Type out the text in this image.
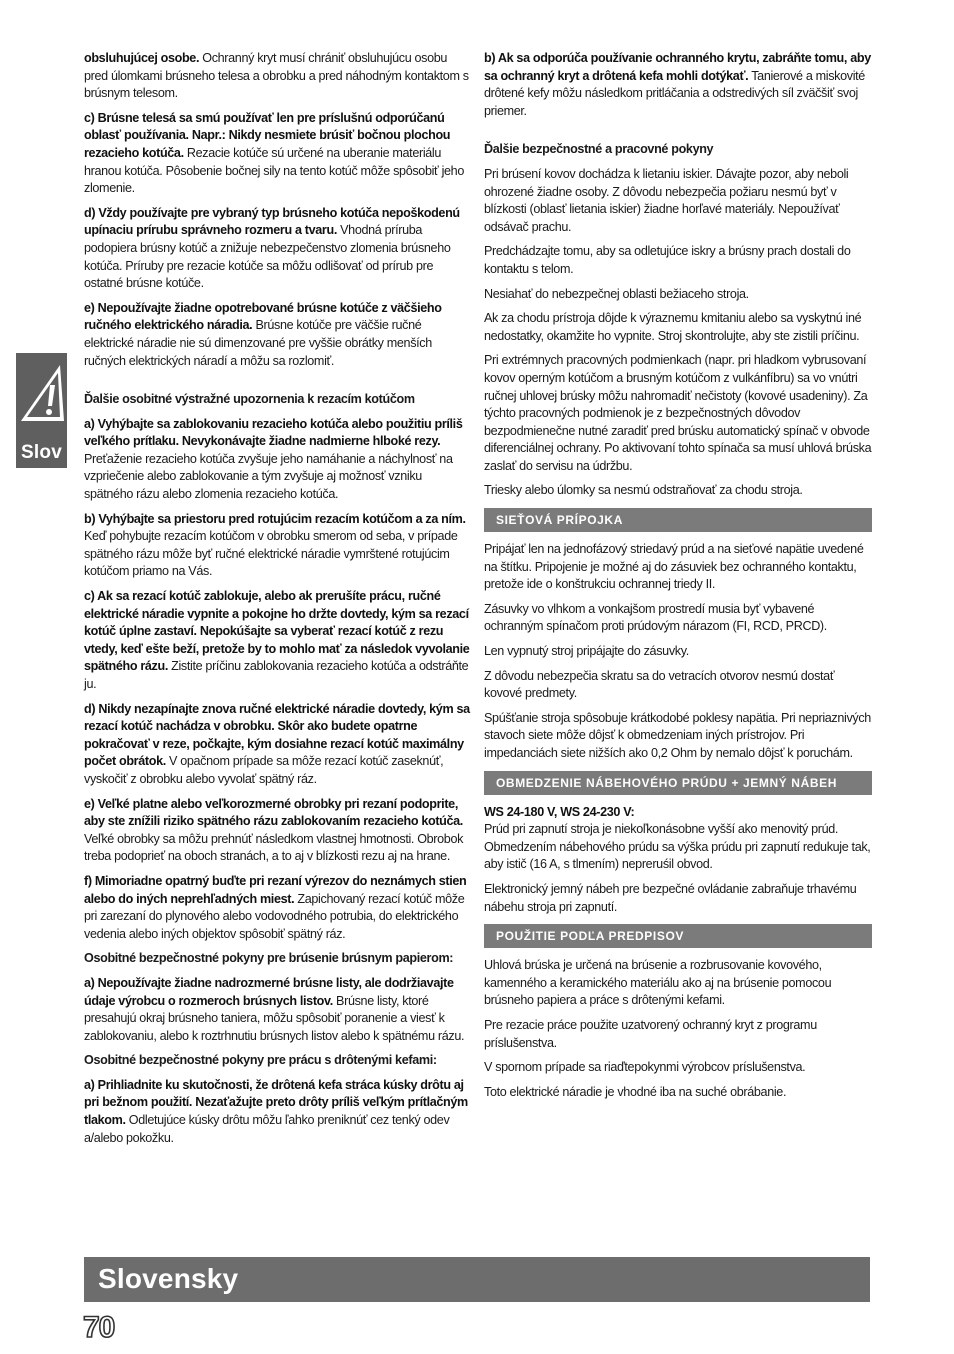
Slov

obsluhujúcej osobe. Ochranný kryt musí chrániť obsluhujúcu osobu pred úlomkami brúsneho telesa a obrobku a pred náhodným kontaktom s brúsnym telesom.

c) Brúsne telesá sa smú používať len pre príslušnú odporúčanú oblasť používania. Napr.: Nikdy nesmiete brúsiť bočnou plochou rezacieho kotúča. Rezacie kotúče sú určené na uberanie materiálu hranou kotúča. Pôsobenie bočnej sily na tento kotúč môže spôsobiť jeho zlomenie.

d) Vždy používajte pre vybraný typ brúsneho kotúča nepoškodenú upínaciu prírubu správneho rozmeru a tvaru. Vhodná príruba podopiera brúsny kotúč a znižuje nebezpečenstvo zlomenia brúsneho kotúča. Príruby pre rezacie kotúče sa môžu odlišovať od prírub pre ostatné brúsne kotúče.

e) Nepoužívajte žiadne opotrebované brúsne kotúče z väčšieho ručného elektrického náradia. Brúsne kotúče pre väčšie ručné elektrické náradie nie sú dimenzované pre vyššie obrátky menších ručných elektrických náradí a môžu sa rozlomiť.

Ďalšie osobitné výstražné upozornenia k rezacím kotúčom

a) Vyhýbajte sa zablokovaniu rezacieho kotúča alebo použitiu príliš veľkého prítlaku. Nevykonávajte žiadne nadmierne hlboké rezy. Preťaženie rezacieho kotúča zvyšuje jeho namáhanie a náchylnosť na vzpriečenie alebo zablokovanie a tým zvyšuje aj možnosť vzniku spätného rázu alebo zlomenia rezacieho kotúča.

b) Vyhýbajte sa priestoru pred rotujúcim rezacím kotúčom a za ním. Keď pohybujte rezacím kotúčom v obrobku smerom od seba, v prípade spätného rázu môže byť ručné elektrické náradie vymrštené rotujúcim kotúčom priamo na Vás.

c) Ak sa rezací kotúč zablokuje, alebo ak prerušíte prácu, ručné elektrické náradie vypnite a pokojne ho držte dovtedy, kým sa rezací kotúč úplne zastaví. Nepokúšajte sa vyberať rezací kotúč z rezu vtedy, keď ešte beží, pretože by to mohlo mať za následok vyvolanie spätného rázu. Zistite príčinu zablokovania rezacieho kotúča a odstráňte ju.

d) Nikdy nezapínajte znova ručné elektrické náradie dovtedy, kým sa rezací kotúč nachádza v obrobku. Skôr ako budete opatrne pokračovať v reze, počkajte, kým dosiahne rezací kotúč maximálny počet obrátok. V opačnom prípade sa môže rezací kotúč zaseknúť, vyskočiť z obrobku alebo vyvolať spätný ráz.

e) Veľké platne alebo veľkorozmerné obrobky pri rezaní podoprite, aby ste znížili riziko spätného rázu zablokovaním rezacieho kotúča. Veľké obrobky sa môžu prehnúť následkom vlastnej hmotnosti. Obrobok treba podoprieť na oboch stranách, a to aj v blízkosti rezu aj na hrane.

f) Mimoriadne opatrný buďte pri rezaní výrezov do neznámych stien alebo do iných neprehľadných miest. Zapichovaný rezací kotúč môže pri zarezaní do plynového alebo vodovodného potrubia, do elektrického vedenia alebo iných objektov spôsobiť spätný ráz.

Osobitné bezpečnostné pokyny pre brúsenie brúsnym papierom:

a) Nepoužívajte žiadne nadrozmerné brúsne listy, ale dodržiavajte údaje výrobcu o rozmeroch brúsnych listov. Brúsne listy, ktoré presahujú okraj brúsneho taniera, môžu spôsobiť poranenie a viesť k zablokovaniu, alebo k roztrhnutiu brúsnych listov alebo k spätnému rázu.

Osobitné bezpečnostné pokyny pre prácu s drôtenými kefami:

a) Prihliadnite ku skutočnosti, že drôtená kefa stráca kúsky drôtu aj pri bežnom použití. Nezaťažujte preto drôty príliš veľkým prítlačným tlakom. Odletujúce kúsky drôtu môžu ľahko preniknúť cez tenký odev a/alebo pokožku.

b) Ak sa odporúča používanie ochranného krytu, zabráňte tomu, aby sa ochranný kryt a drôtená kefa mohli dotýkať. Tanierové a miskovité drôtené kefy môžu následkom pritláčania a odstredivých síl zväčšiť svoj priemer.

Ďalšie bezpečnostné a pracovné pokyny

Pri brúsení kovov dochádza k lietaniu iskier. Dávajte pozor, aby neboli ohrozené žiadne osoby. Z dôvodu nebezpečia požiaru nesmú byť v blízkosti (oblasť lietania iskier) žiadne horľavé materiály. Nepoužívať odsávač prachu.

Predchádzajte tomu, aby sa odletujúce iskry a brúsny prach dostali do kontaktu s telom.

Nesiahať do nebezpečnej oblasti bežiaceho stroja.

Ak za chodu prístroja dôjde k výraznemu kmitaniu alebo sa vyskytnú iné nedostatky, okamžite ho vypnite. Stroj skontrolujte, aby ste zistili príčinu.

Pri extrémnych pracovných podmienkach (napr. pri hladkom vybrusovaní kovov operným kotúčom a brusným kotúčom z vulkánfíbru) sa vo vnútri ručnej uhlovej brúsky môžu nahromadiť nečistoty (kovové usadeniny). Za týchto pracovných podmienok je z bezpečnostných dôvodov bezpodmienečne nutné zaradiť pred brúsku automatický spínač v obvode diferenciálnej ochrany. Po aktivovaní tohto spínača sa musí uhlová brúska zaslať do servisu na údržbu.

Triesky alebo úlomky sa nesmú odstraňovať za chodu stroja.

SIEŤOVÁ PRÍPOJKA

Pripájať len na jednofázový striedavý prúd a na sieťové napätie uvedené na štítku. Pripojenie je možné aj do zásuviek bez ochranného kontaktu, pretože ide o konštrukciu ochrannej triedy II.

Zásuvky vo vlhkom a vonkajšom prostredí musia byť vybavené ochranným spínačom proti prúdovým nárazom (FI, RCD, PRCD).

Len vypnutý stroj pripájajte do zásuvky.

Z dôvodu nebezpečia skratu sa do vetracích otvorov nesmú dostať kovové predmety.

Spúšťanie stroja spôsobuje krátkodobé poklesy napätia. Pri nepriaznivých stavoch siete môže dôjsť k obmedzeniam iných prístrojov. Pri impedanciách siete nižších ako 0,2 Ohm by nemalo dôjsť k poruchám.

OBMEDZENIE NÁBEHOVÉHO PRÚDU + JEMNÝ NÁBEH

WS 24-180 V, WS 24-230 V:
Prúd pri zapnutí stroja je niekoľkonásobne vyšší ako menovitý prúd. Obmedzením nábehového prúdu sa výška prúdu pri zapnutí redukuje tak, aby istič (16 A, s tlmením) nepreruśil obvod.

Elektronický jemný nábeh pre bezpečné ovládanie zabraňuje trhavému nábehu stroja pri zapnutí.

POUŽITIE PODĽA PREDPISOV

Uhlová brúska je určená na brúsenie a rozbrusovanie kovového, kamenného a keramického materiálu ako aj na brúsenie pomocou brúsneho papiera a práce s drôtenými kefami.

Pre rezacie práce použite uzatvorený ochranný kryt z programu príslušenstva.

V spornom prípade sa riaďtepokynmi výrobcov príslušenstva.

Toto elektrické náradie je vhodné iba na suché obrábanie.

Slovensky
70
